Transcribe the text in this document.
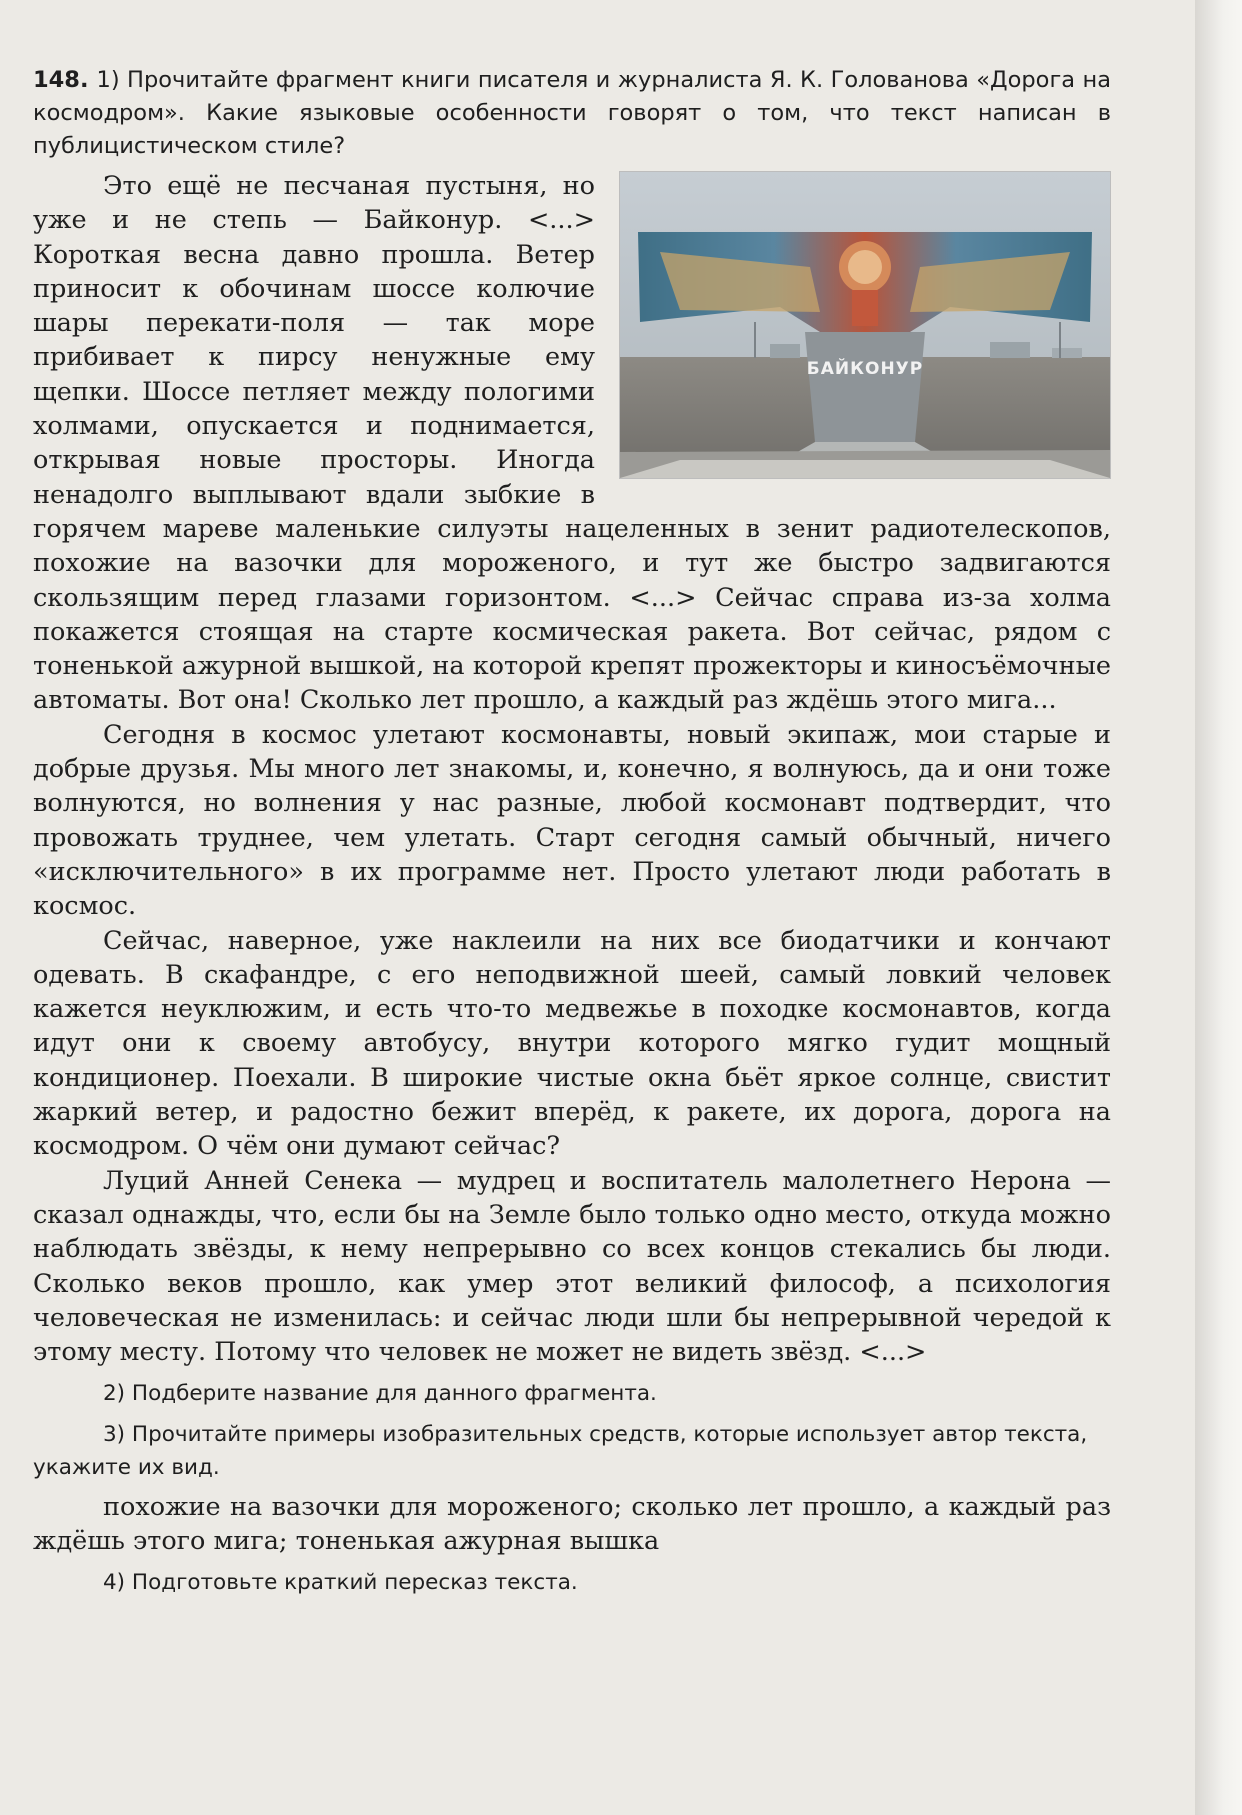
148. 1) Прочитайте фрагмент книги писателя и журналиста Я. К. Голованова «Дорога на космодром». Какие языковые особенности говорят о том, что текст написан в публицистическом стиле?
БАЙКОНУР

Это ещё не песчаная пустыня, но уже и не степь — Байконур. <...> Короткая весна давно прошла. Ветер приносит к обочинам шоссе колючие шары перекати-поля — так море прибивает к пирсу ненужные ему щепки. Шоссе петляет между пологими холмами, опускается и поднимается, открывая новые просторы. Иногда ненадолго выплывают вдали зыбкие в горячем мареве маленькие силуэты нацеленных в зенит радиотелескопов, похожие на вазочки для мороженого, и тут же быстро задвигаются скользящим перед глазами горизонтом. <...> Сейчас справа из-за холма покажется стоящая на старте космическая ракета. Вот сейчас, рядом с тоненькой ажурной вышкой, на которой крепят прожекторы и киносъёмочные автоматы. Вот она! Сколько лет прошло, а каждый раз ждёшь этого мига...

Сегодня в космос улетают космонавты, новый экипаж, мои старые и добрые друзья. Мы много лет знакомы, и, конечно, я волнуюсь, да и они тоже волнуются, но волнения у нас разные, любой космонавт подтвердит, что провожать труднее, чем улетать. Старт сегодня самый обычный, ничего «исключительного» в их программе нет. Просто улетают люди работать в космос.

Сейчас, наверное, уже наклеили на них все биодатчики и кончают одевать. В скафандре, с его неподвижной шеей, самый ловкий человек кажется неуклюжим, и есть что-то медвежье в походке космонавтов, когда идут они к своему автобусу, внутри которого мягко гудит мощный кондиционер. Поехали. В широкие чистые окна бьёт яркое солнце, свистит жаркий ветер, и радостно бежит вперёд, к ракете, их дорога, дорога на космодром. О чём они думают сейчас?

Луций Анней Сенека — мудрец и воспитатель малолетнего Нерона — сказал однажды, что, если бы на Земле было только одно место, откуда можно наблюдать звёзды, к нему непрерывно со всех концов стекались бы люди. Сколько веков прошло, как умер этот великий философ, а психология человеческая не изменилась: и сейчас люди шли бы непрерывной чередой к этому месту. Потому что человек не может не видеть звёзд. <...>

2) Подберите название для данного фрагмента.
3) Прочитайте примеры изобразительных средств, которые использует автор текста, укажите их вид.
похожие на вазочки для мороженого; сколько лет прошло, а каждый раз ждёшь этого мига; тоненькая ажурная вышка
4) Подготовьте краткий пересказ текста.
